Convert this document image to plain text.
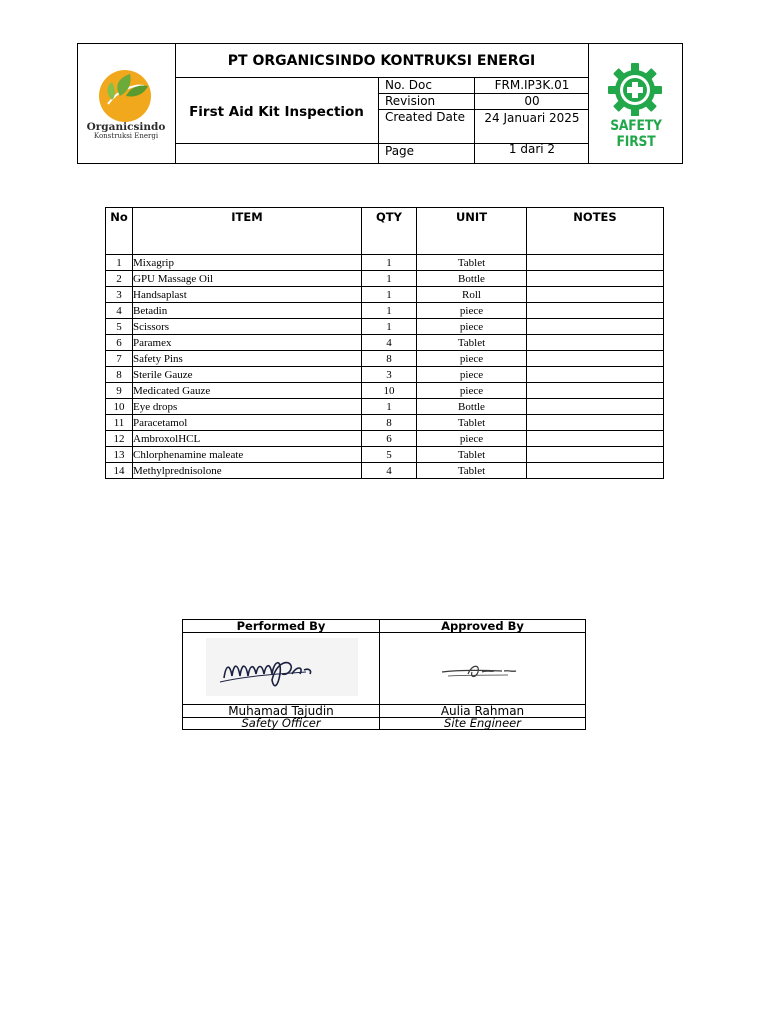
Organicsindo
Konstruksi Energi
PT ORGANICSINDO KONTRUKSI ENERGI
First Aid Kit Inspection
No. Doc	FRM.IP3K.01
Revision	00
Created Date	24 Januari 2025
Page	1 dari 2
SAFETY FIRST
No	ITEM	QTY	UNIT	NOTES
1	Mixagrip	1	Tablet	
2	GPU Massage Oil	1	Bottle	
3	Handsaplast	1	Roll	
4	Betadin	1	piece	
5	Scissors	1	piece	
6	Paramex	4	Tablet	
7	Safety Pins	8	piece	
8	Sterile Gauze	3	piece	
9	Medicated Gauze	10	piece	
10	Eye drops	1	Bottle	
11	Paracetamol	8	Tablet	
12	AmbroxolHCL	6	piece	
13	Chlorphenamine maleate	5	Tablet	
14	Methylprednisolone	4	Tablet	
Performed By	Approved By

Muhamad Tajudin	Aulia Rahman
Safety Officer	Site Engineer
